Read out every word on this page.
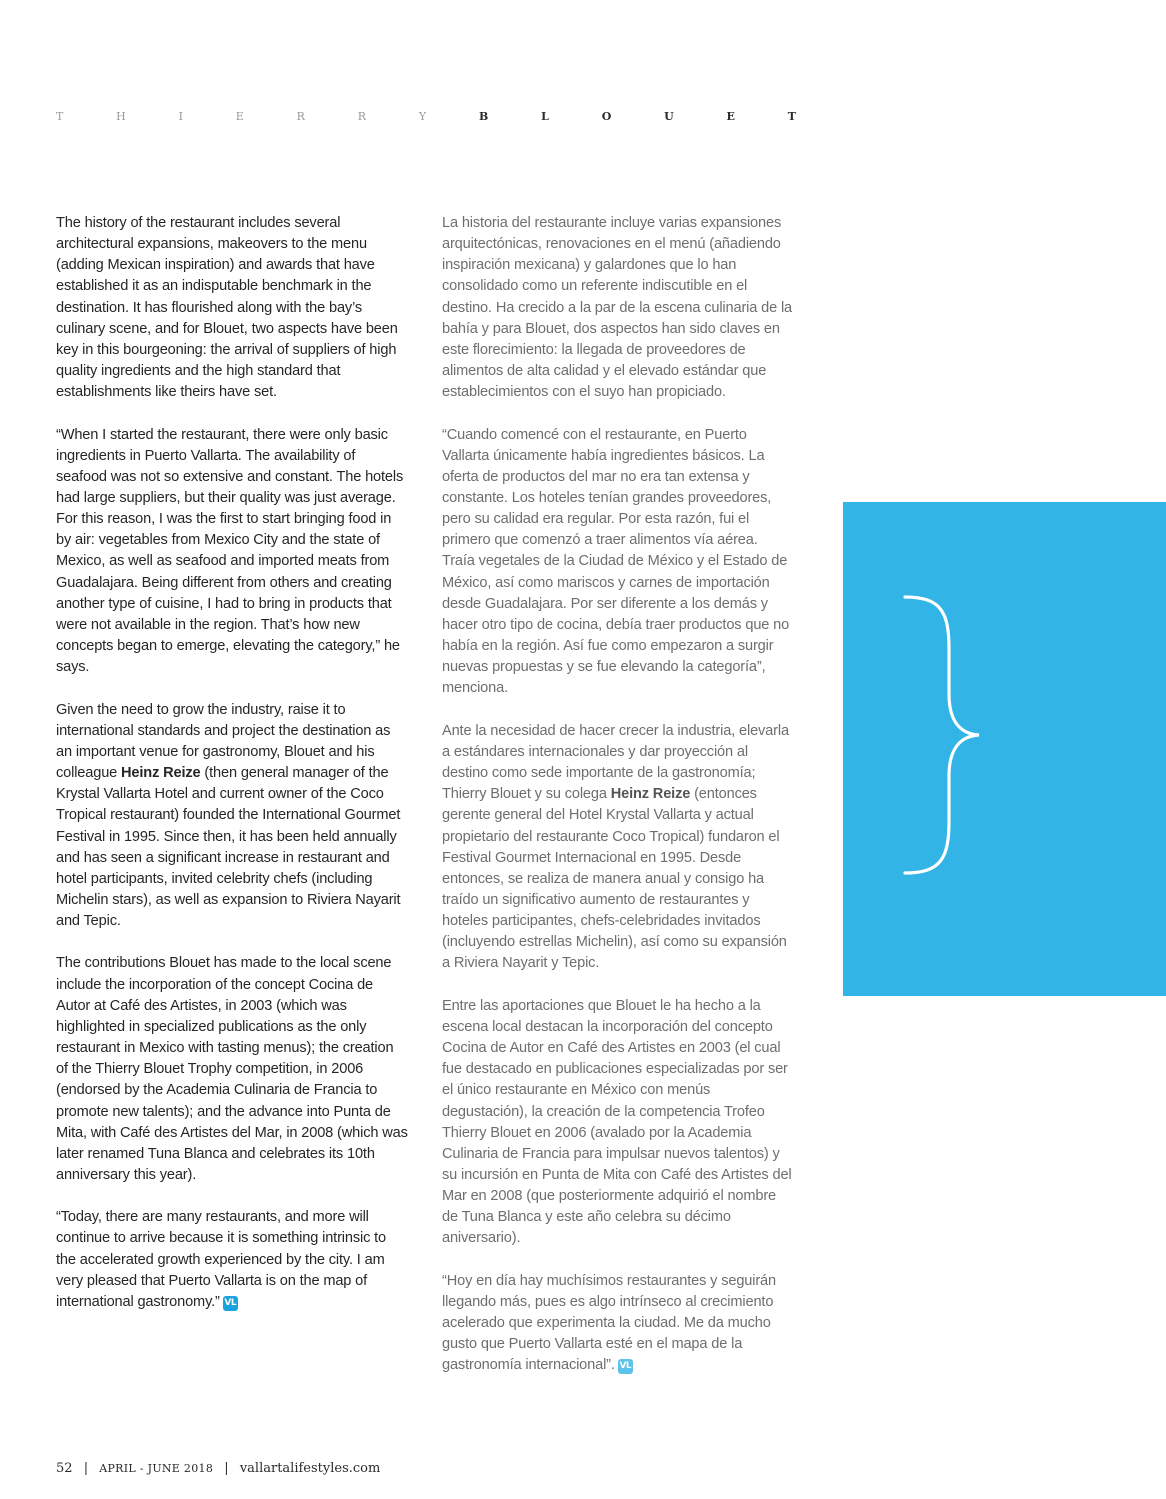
T	H	I	E	R	R	Y	B	L	O	U	E	T

The history of the restaurant includes several architectural expansions, makeovers to the menu (adding Mexican inspiration) and awards that have established it as an indisputable benchmark in the destination. It has flourished along with the bay’s culinary scene, and for Blouet, two aspects have been key in this bourgeoning: the arrival of suppliers of high quality ingredients and the high standard that establishments like theirs have set.

“When I started the restaurant, there were only basic ingredients in Puerto Vallarta. The availability of seafood was not so extensive and constant. The hotels had large suppliers, but their quality was just average. For this reason, I was the first to start bringing food in by air: vegetables from Mexico City and the state of Mexico, as well as seafood and imported meats from Guadalajara. Being different from others and creating another type of cuisine, I had to bring in products that were not available in the region. That’s how new concepts began to emerge, elevating the category,” he says.

Given the need to grow the industry, raise it to international standards and project the destination as an important venue for gastronomy, Blouet and his colleague Heinz Reize (then general manager of the Krystal Vallarta Hotel and current owner of the Coco Tropical restaurant) founded the International Gourmet Festival in 1995. Since then, it has been held annually and has seen a significant increase in restaurant and hotel participants, invited celebrity chefs (including Michelin stars), as well as expansion to Riviera Nayarit and Tepic.

The contributions Blouet has made to the local scene include the incorporation of the concept Cocina de Autor at Café des Artistes, in 2003 (which was highlighted in specialized publications as the only restaurant in Mexico with tasting menus); the creation of the Thierry Blouet Trophy competition, in 2006 (endorsed by the Academia Culinaria de Francia to promote new talents); and the advance into Punta de Mita, with Café des Artistes del Mar, in 2008 (which was later renamed Tuna Blanca and celebrates its 10th anniversary this year).

“Today, there are many restaurants, and more will continue to arrive because it is something intrinsic to the accelerated growth experienced by the city. I am very pleased that Puerto Vallarta is on the map of international gastronomy.” VL

La historia del restaurante incluye varias expansiones arquitectónicas, renovaciones en el menú (añadiendo inspiración mexicana) y galardones que lo han consolidado como un referente indiscutible en el destino. Ha crecido a la par de la escena culinaria de la bahía y para Blouet, dos aspectos han sido claves en este florecimiento: la llegada de proveedores de alimentos de alta calidad y el elevado estándar que establecimientos con el suyo han propiciado.

“Cuando comencé con el restaurante, en Puerto Vallarta únicamente había ingredientes básicos. La oferta de productos del mar no era tan extensa y constante. Los hoteles tenían grandes proveedores, pero su calidad era regular. Por esta razón, fui el primero que comenzó a traer alimentos vía aérea. Traía vegetales de la Ciudad de México y el Estado de México, así como mariscos y carnes de importación desde Guadalajara. Por ser diferente a los demás y hacer otro tipo de cocina, debía traer productos que no había en la región. Así fue como empezaron a surgir nuevas propuestas y se fue elevando la categoría”, menciona.

Ante la necesidad de hacer crecer la industria, elevarla a estándares internacionales y dar proyección al destino como sede importante de la gastronomía; Thierry Blouet y su colega Heinz Reize (entonces gerente general del Hotel Krystal Vallarta y actual propietario del restaurante Coco Tropical) fundaron el Festival Gourmet Internacional en 1995. Desde entonces, se realiza de manera anual y consigo ha traído un significativo aumento de restaurantes y hoteles participantes, chefs-celebridades invitados (incluyendo estrellas Michelin), así como su expansión a Riviera Nayarit y Tepic.

Entre las aportaciones que Blouet le ha hecho a la escena local destacan la incorporación del concepto Cocina de Autor en Café des Artistes en 2003 (el cual fue destacado en publicaciones especializadas por ser el único restaurante en México con menús degustación), la creación de la competencia Trofeo Thierry Blouet en 2006 (avalado por la Academia Culinaria de Francia para impulsar nuevos talentos) y su incursión en Punta de Mita con Café des Artistes del Mar en 2008 (que posteriormente adquirió el nombre de Tuna Blanca y este año celebra su décimo aniversario).

“Hoy en día hay muchísimos restaurantes y seguirán llegando más, pues es algo intrínseco al crecimiento acelerado que experimenta la ciudad. Me da mucho gusto que Puerto Vallarta esté en el mapa de la gastronomía internacional”. VL

52 | APRIL - JUNE 2018 | vallartalifestyles.com
